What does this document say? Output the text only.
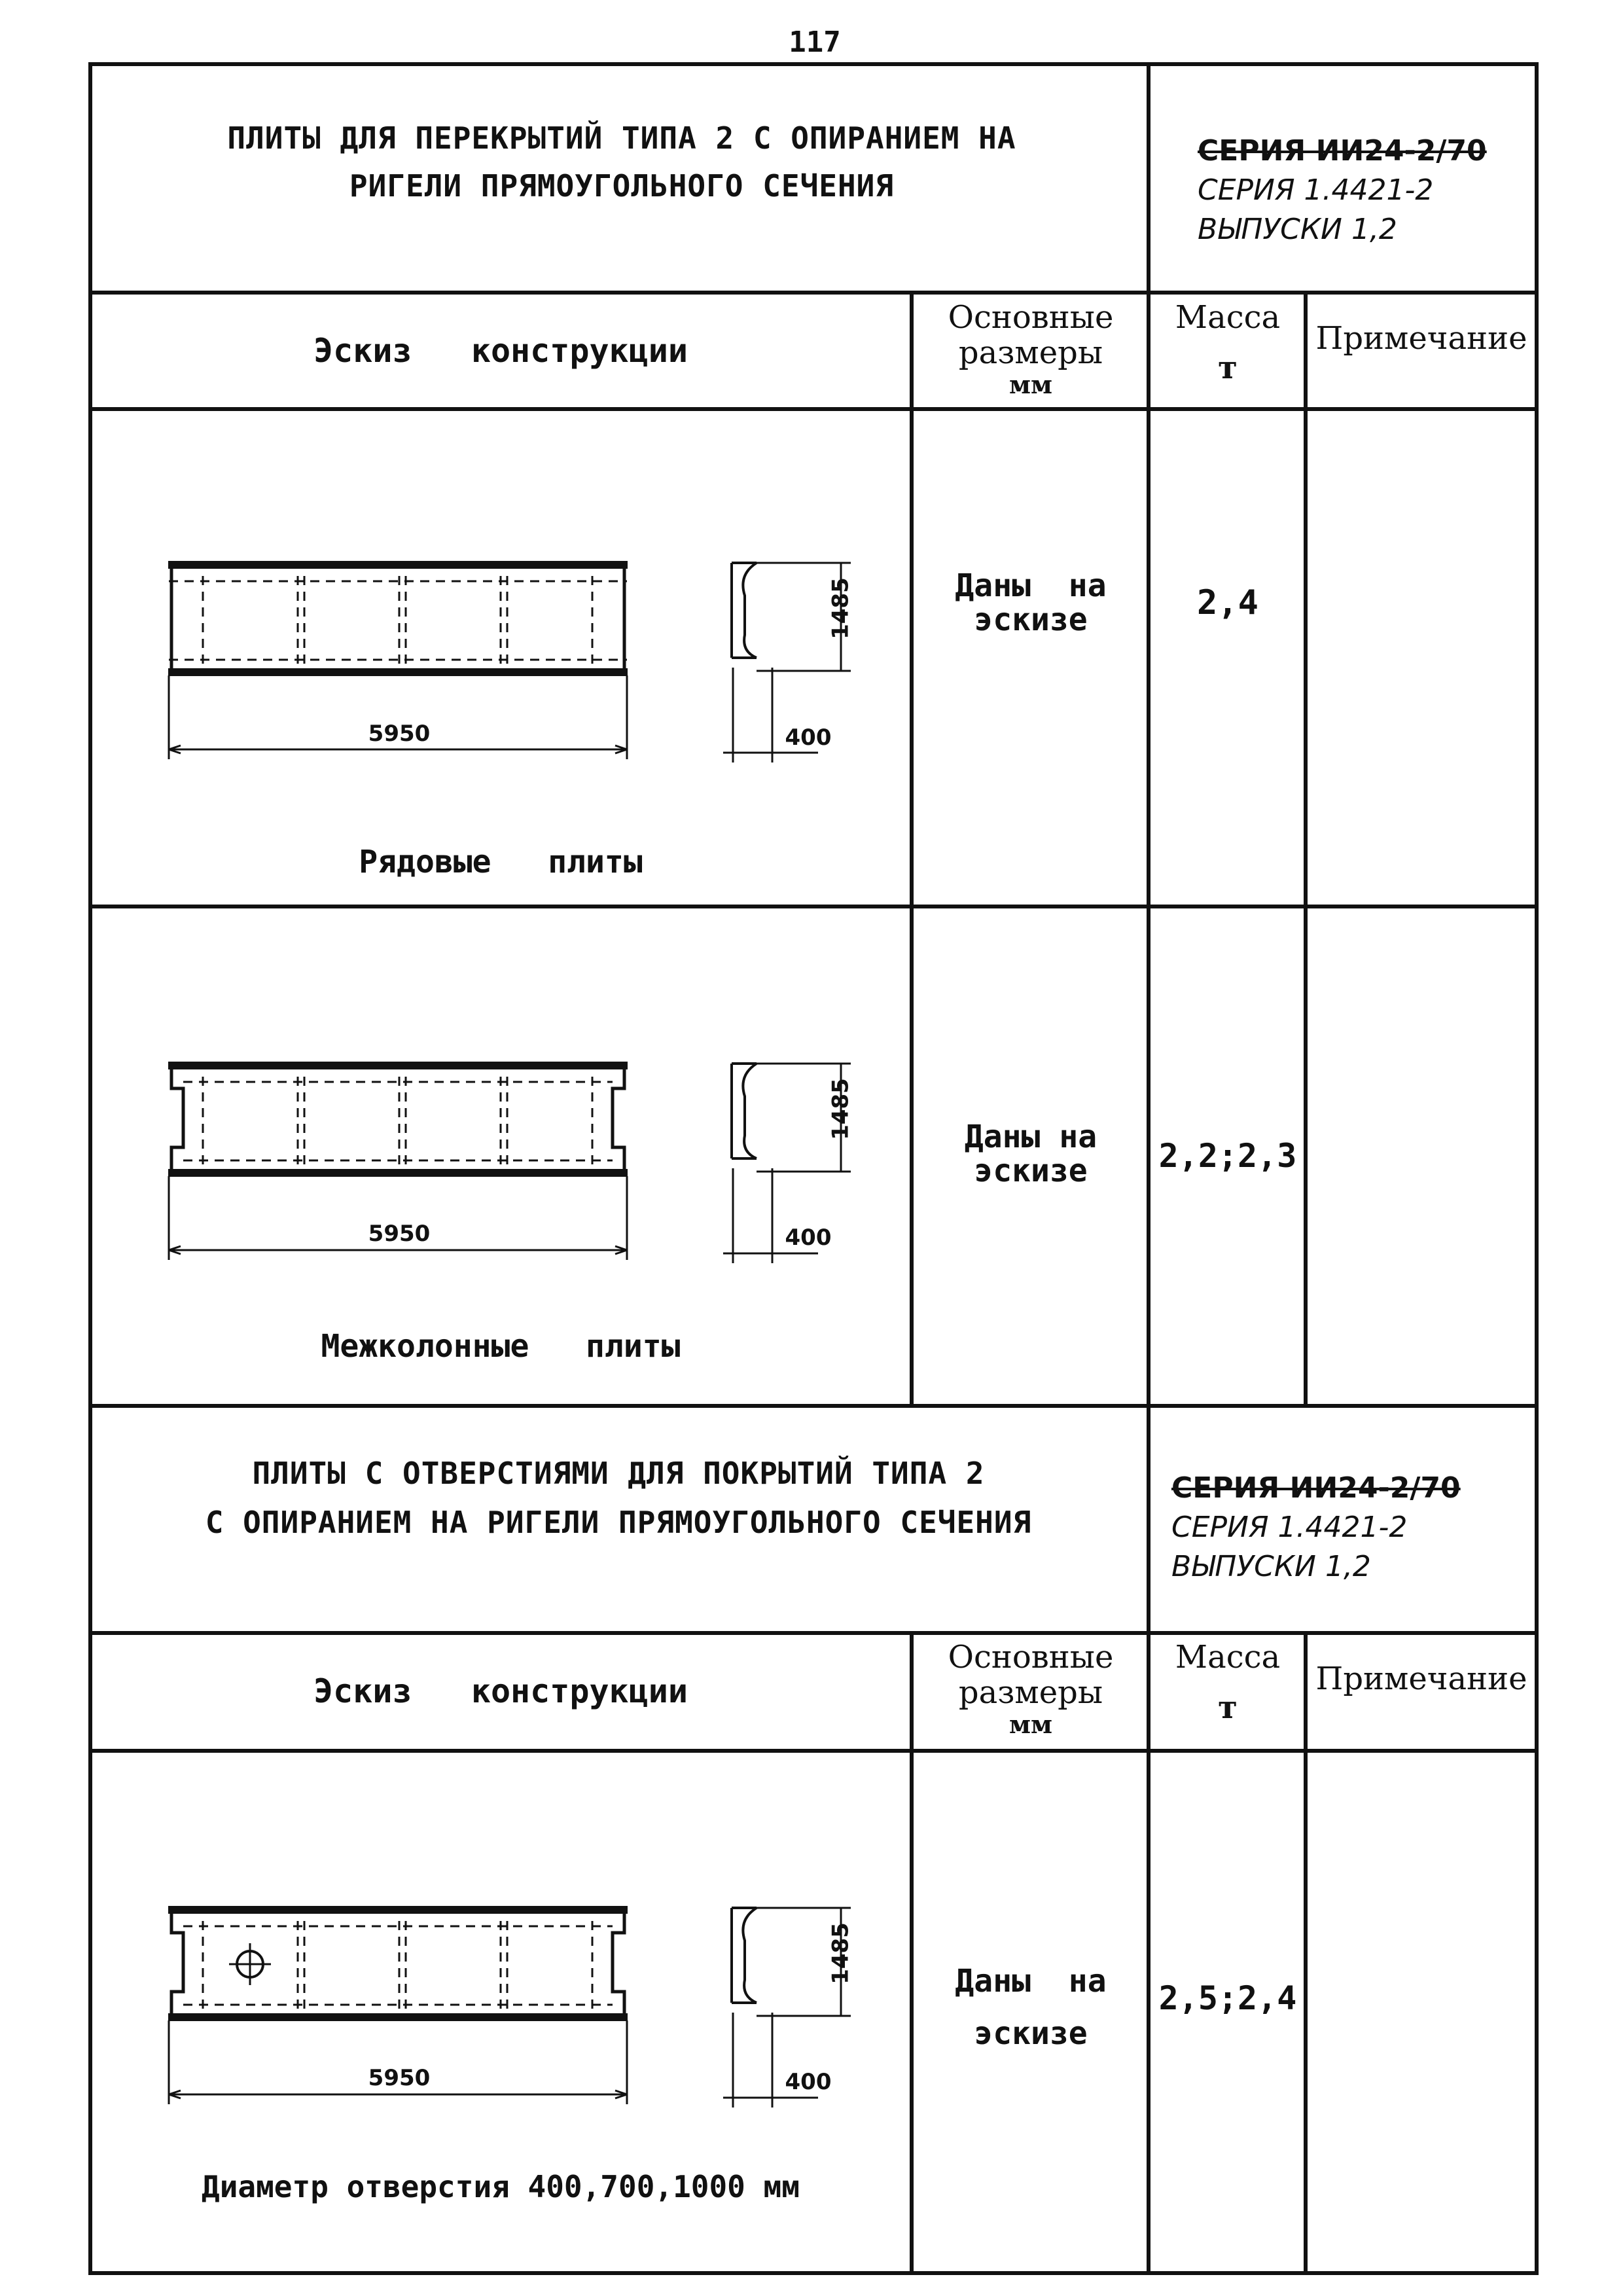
117
ПЛИТЫ ДЛЯ ПЕРЕКРЫТИЙ ТИПА 2 С ОПИРАНИЕМ НА
РИГЕЛИ ПРЯМОУГОЛЬНОГО СЕЧЕНИЯ
СЕРИЯ ИИ24-2/70
СЕРИЯ 1.4421-2
ВЫПУСКИ 1,2
Эскиз   конструкции
Основные
размеры
мм
Масса
т
Примечание
5950
1485
400
Рядовые   плиты
Даны  на
эскизе	2,4
5950
1485
400
Межколонные   плиты
Даны на
эскизе	2,2;2,3
ПЛИТЫ С ОТВЕРСТИЯМИ ДЛЯ ПОКРЫТИЙ ТИПА 2
С ОПИРАНИЕМ НА РИГЕЛИ ПРЯМОУГОЛЬНОГО СЕЧЕНИЯ
СЕРИЯ ИИ24-2/70
СЕРИЯ 1.4421-2
ВЫПУСКИ 1,2
Эскиз   конструкции
Основные
размеры
мм
Масса
т
Примечание
5950
1485
400
Диаметр отверстия 400,700,1000 мм
Даны  на
эскизе
2,5;2,4
